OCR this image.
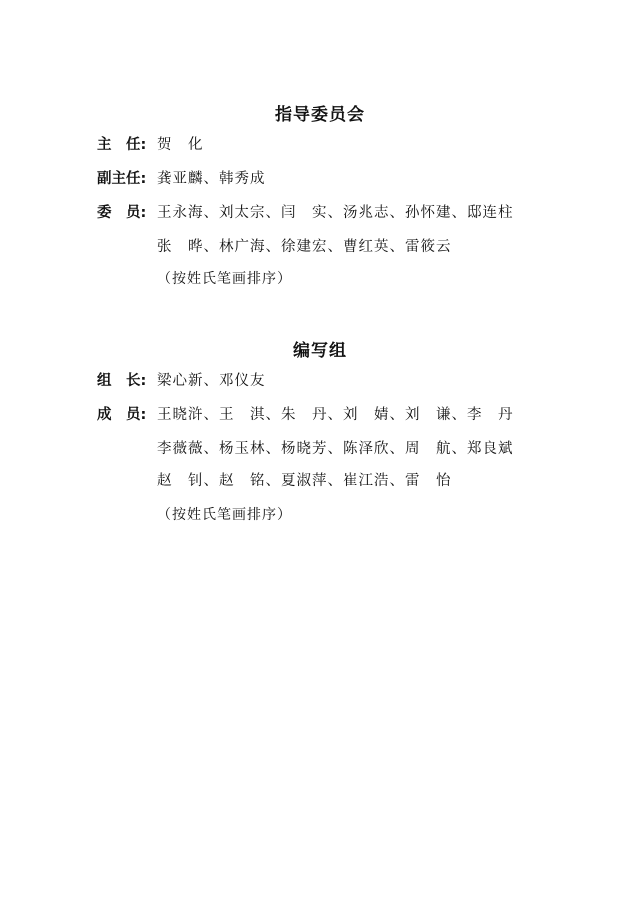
指导委员会
主　任: 贺　化
副主任: 龚亚麟、韩秀成
委　员: 王永海、刘太宗、闫　实、汤兆志、孙怀建、邸连柱
张　晔、林广海、徐建宏、曹红英、雷筱云
（按姓氏笔画排序）
编写组
组　长: 梁心新、邓仪友
成　员: 王晓浒、王　淇、朱　丹、刘　婧、刘　谦、李　丹
李薇薇、杨玉林、杨晓芳、陈泽欣、周　航、郑良斌
赵　钊、赵　铭、夏淑萍、崔江浩、雷　怡
（按姓氏笔画排序）
